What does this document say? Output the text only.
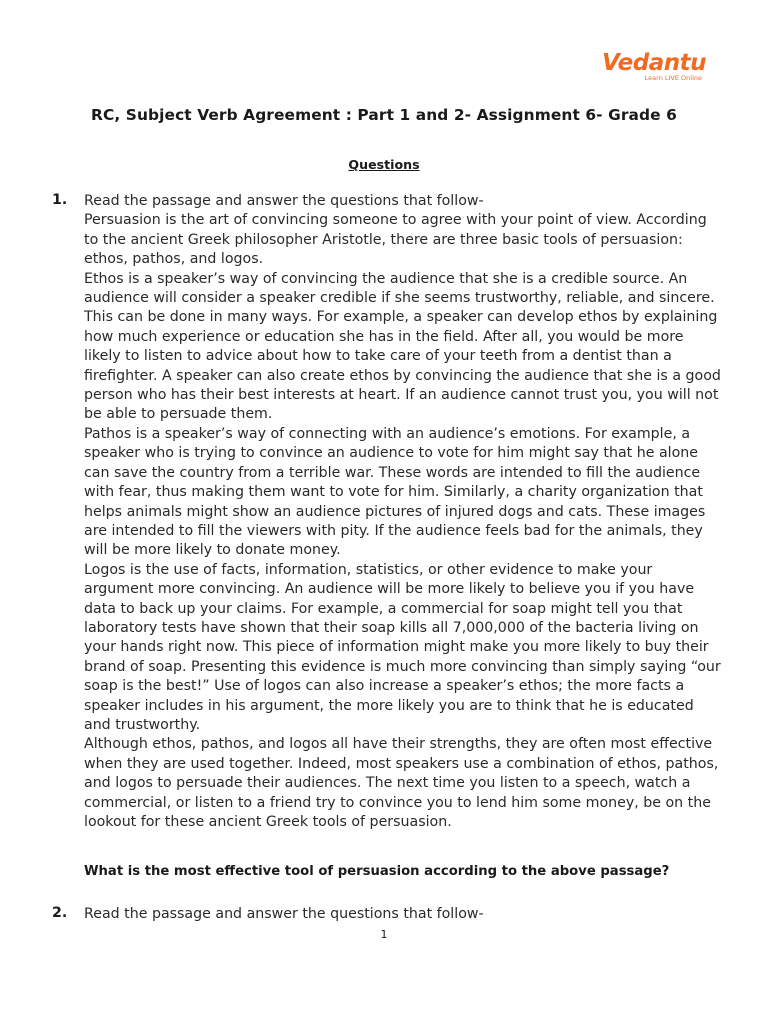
Vedantu
Learn LIVE Online
RC, Subject Verb Agreement : Part 1 and 2- Assignment 6- Grade 6
Questions
1. Read the passage and answer the questions that follow-

Persuasion is the art of convincing someone to agree with your point of view. According to the ancient Greek philosopher Aristotle, there are three basic tools of persuasion: ethos, pathos, and logos.

Ethos is a speaker’s way of convincing the audience that she is a credible source. An audience will consider a speaker credible if she seems trustworthy, reliable, and sincere. This can be done in many ways. For example, a speaker can develop ethos by explaining how much experience or education she has in the field. After all, you would be more likely to listen to advice about how to take care of your teeth from a dentist than a firefighter. A speaker can also create ethos by convincing the audience that she is a good person who has their best interests at heart. If an audience cannot trust you, you will not be able to persuade them.

Pathos is a speaker’s way of connecting with an audience’s emotions. For example, a speaker who is trying to convince an audience to vote for him might say that he alone can save the country from a terrible war. These words are intended to fill the audience with fear, thus making them want to vote for him. Similarly, a charity organization that helps animals might show an audience pictures of injured dogs and cats. These images are intended to fill the viewers with pity. If the audience feels bad for the animals, they will be more likely to donate money.

Logos is the use of facts, information, statistics, or other evidence to make your argument more convincing. An audience will be more likely to believe you if you have data to back up your claims. For example, a commercial for soap might tell you that laboratory tests have shown that their soap kills all 7,000,000 of the bacteria living on your hands right now. This piece of information might make you more likely to buy their brand of soap. Presenting this evidence is much more convincing than simply saying “our soap is the best!” Use of logos can also increase a speaker’s ethos; the more facts a speaker includes in his argument, the more likely you are to think that he is educated and trustworthy.

Although ethos, pathos, and logos all have their strengths, they are often most effective when they are used together. Indeed, most speakers use a combination of ethos, pathos, and logos to persuade their audiences. The next time you listen to a speech, watch a commercial, or listen to a friend try to convince you to lend him some money, be on the lookout for these ancient Greek tools of persuasion.

What is the most effective tool of persuasion according to the above passage?
2. Read the passage and answer the questions that follow-

1
